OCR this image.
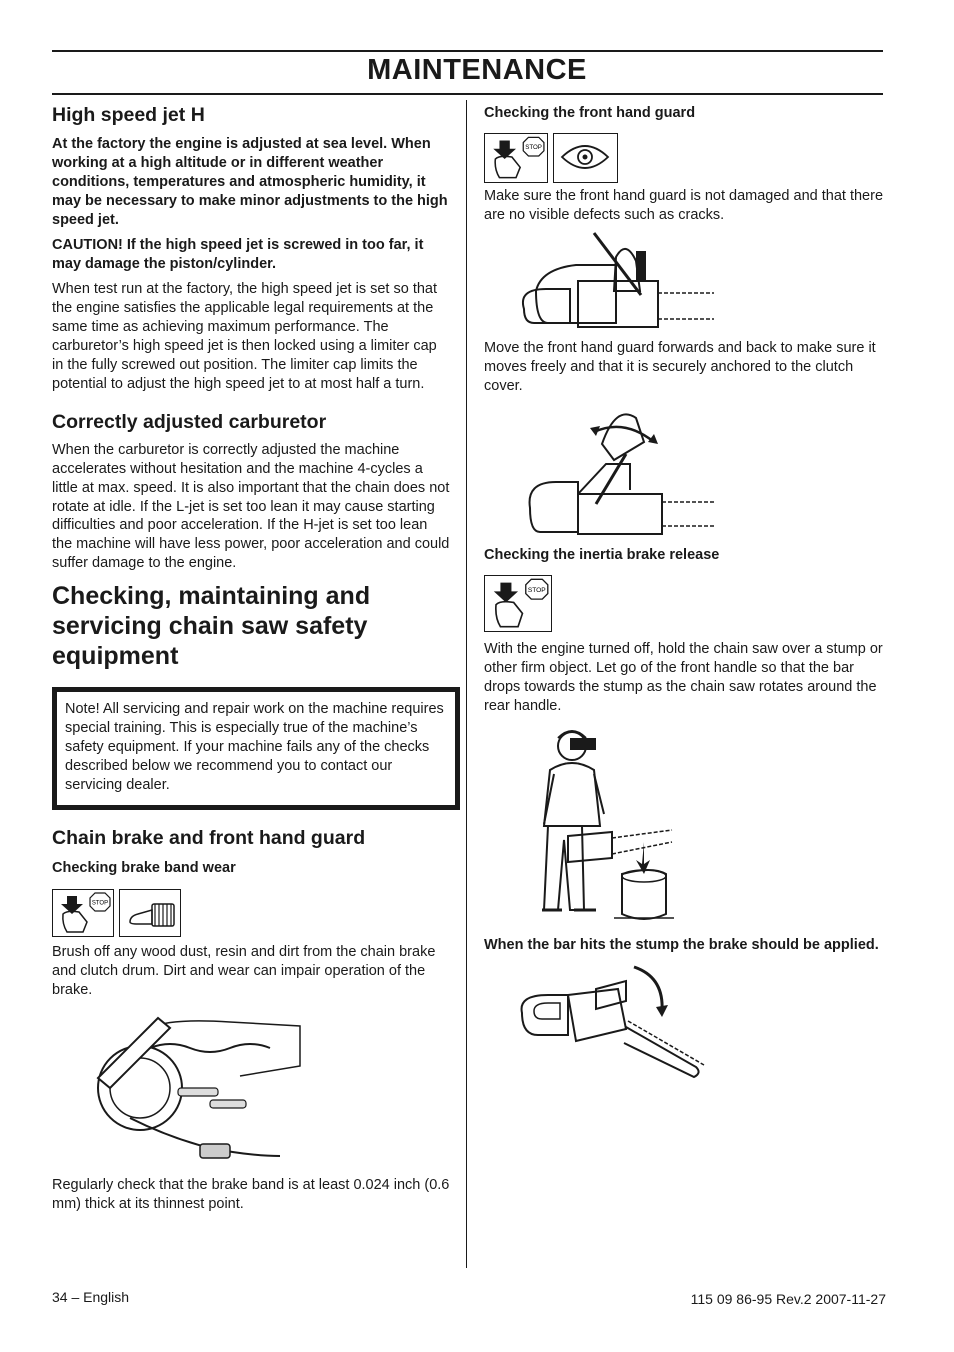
MAINTENANCE
High speed jet H

At the factory the engine is adjusted at sea level. When working at a high altitude or in different weather conditions, temperatures and atmospheric humidity, it may be necessary to make minor adjustments to the high speed jet.

CAUTION! If the high speed jet is screwed in too far, it may damage the piston/cylinder.

When test run at the factory, the high speed jet is set so that the engine satisfies the applicable legal requirements at the same time as achieving maximum performance. The carburetor’s high speed jet is then locked using a limiter cap in the fully screwed out position. The limiter cap limits the potential to adjust the high speed jet to at most half a turn.

Correctly adjusted carburetor

When the carburetor is correctly adjusted the machine accelerates without hesitation and the machine 4-cycles a little at max. speed. It is also important that the chain does not rotate at idle. If the L-jet is set too lean it may cause starting difficulties and poor acceleration. If the H-jet is set too lean the machine will have less power, poor acceleration and could suffer damage to the engine.

Checking, maintaining and servicing chain saw safety equipment

Note! All servicing and repair work on the machine requires special training. This is especially true of the machine’s safety equipment. If your machine fails any of the checks described below we recommend you to contact our servicing dealer.

Chain brake and front hand guard
Checking brake band wear
STOP

Brush off any wood dust, resin and dirt from the chain brake and clutch drum. Dirt and wear can impair operation of the brake.

Regularly check that the brake band is at least 0.024 inch (0.6 mm) thick at its thinnest point.

Checking the front hand guard
STOP

Make sure the front hand guard is not damaged and that there are no visible defects such as cracks.

Move the front hand guard forwards and back to make sure it moves freely and that it is securely anchored to the clutch cover.

Checking the inertia brake release
STOP

With the engine turned off, hold the chain saw over a stump or other firm object. Let go of the front handle so that the bar drops towards the stump as the chain saw rotates around the rear handle.

When the bar hits the stump the brake should be applied.

34 – English	115 09 86-95 Rev.2 2007-11-27
